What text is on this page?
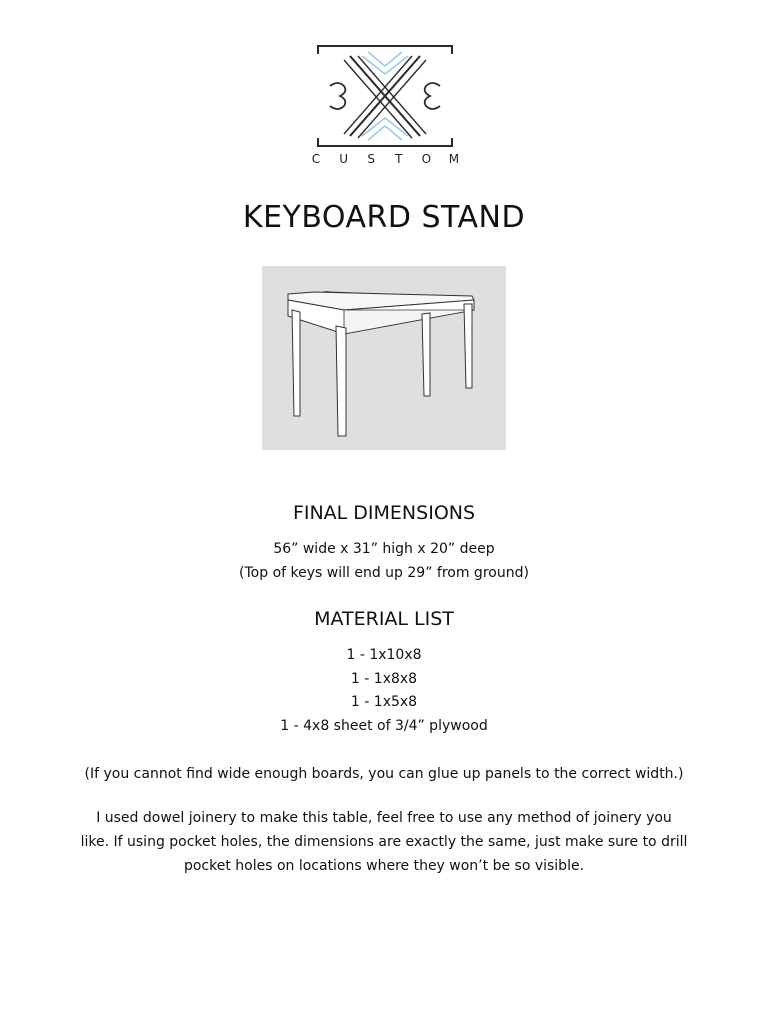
C U S T O M
KEYBOARD STAND
FINAL DIMENSIONS

56” wide x 31” high x 20” deep

(Top of keys will end up 29” from ground)

MATERIAL LIST

1 - 1x10x8

1 - 1x8x8

1 - 1x5x8

1 - 4x8 sheet of 3/4” plywood

(If you cannot find wide enough boards, you can glue up panels to the correct width.)

I used dowel joinery to make this table, feel free to use any method of joinery you like. If using pocket holes, the dimensions are exactly the same, just make sure to drill pocket holes on locations where they won’t be so visible.
